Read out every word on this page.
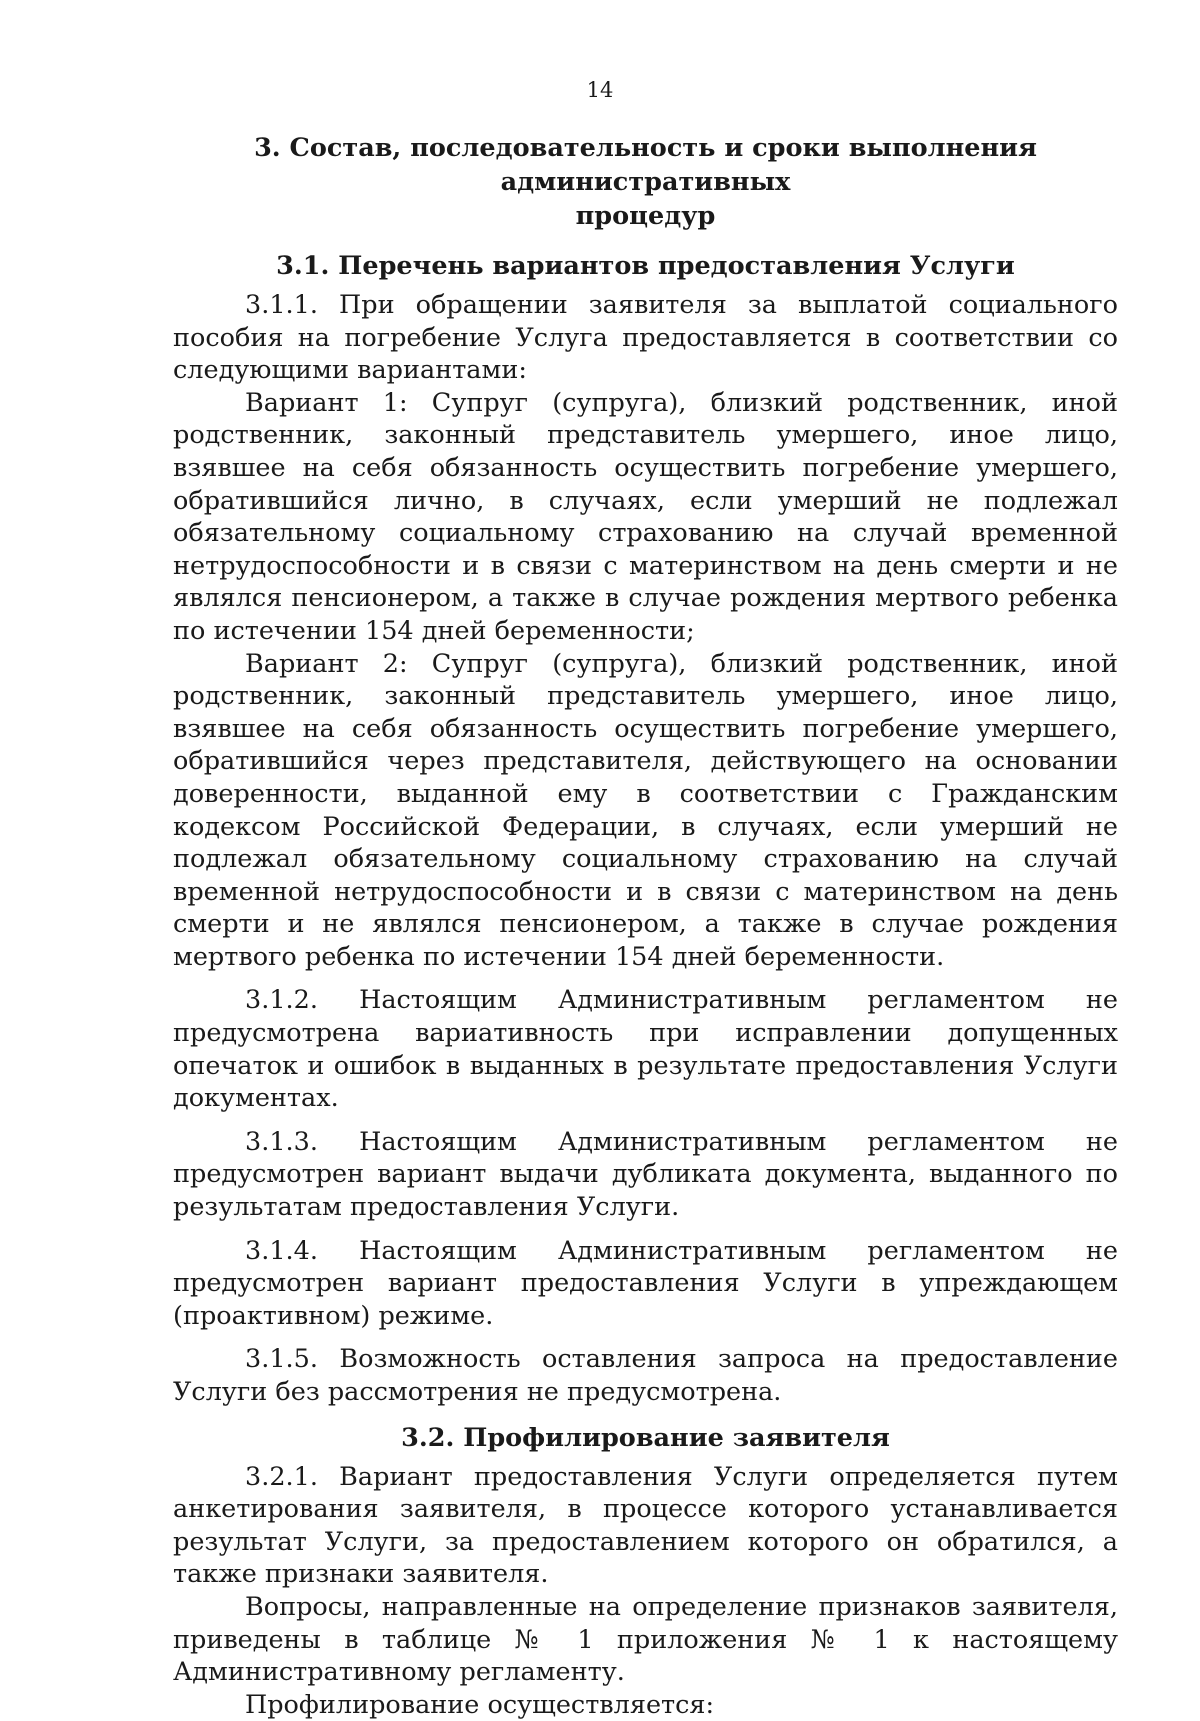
14
3. Состав, последовательность и сроки выполнения административных
процедур
3.1. Перечень вариантов предоставления Услуги

3.1.1. При обращении заявителя за выплатой социального пособия на погребение Услуга предоставляется в соответствии со следующими вариантами:

Вариант 1: Супруг (супруга), близкий родственник, иной родственник, законный представитель умершего, иное лицо, взявшее на себя обязанность осуществить погребение умершего, обратившийся лично, в случаях, если умерший не подлежал обязательному социальному страхованию на случай временной нетрудоспособности и в связи с материнством на день смерти и не являлся пенсионером, а также в случае рождения мертвого ребенка по истечении 154 дней беременности;

Вариант 2: Супруг (супруга), близкий родственник, иной родственник, законный представитель умершего, иное лицо, взявшее на себя обязанность осуществить погребение умершего, обратившийся через представителя, действующего на основании доверенности, выданной ему в соответствии с Гражданским кодексом Российской Федерации, в случаях, если умерший не подлежал обязательному социальному страхованию на случай временной нетрудоспособности и в связи с материнством на день смерти и не являлся пенсионером, а также в случае рождения мертвого ребенка по истечении 154 дней беременности.

3.1.2. Настоящим Административным регламентом не предусмотрена вариативность при исправлении допущенных опечаток и ошибок в выданных в результате предоставления Услуги документах.

3.1.3. Настоящим Административным регламентом не предусмотрен вариант выдачи дубликата документа, выданного по результатам предоставления Услуги.

3.1.4. Настоящим Административным регламентом не предусмотрен вариант предоставления Услуги в упреждающем (проактивном) режиме.

3.1.5. Возможность оставления запроса на предоставление Услуги без рассмотрения не предусмотрена.

3.2. Профилирование заявителя

3.2.1. Вариант предоставления Услуги определяется путем анкетирования заявителя, в процессе которого устанавливается результат Услуги, за предоставлением которого он обратился, а также признаки заявителя.

Вопросы, направленные на определение признаков заявителя, приведены в таблице № 1 приложения № 1 к настоящему Административному регламенту.

Профилирование осуществляется:
